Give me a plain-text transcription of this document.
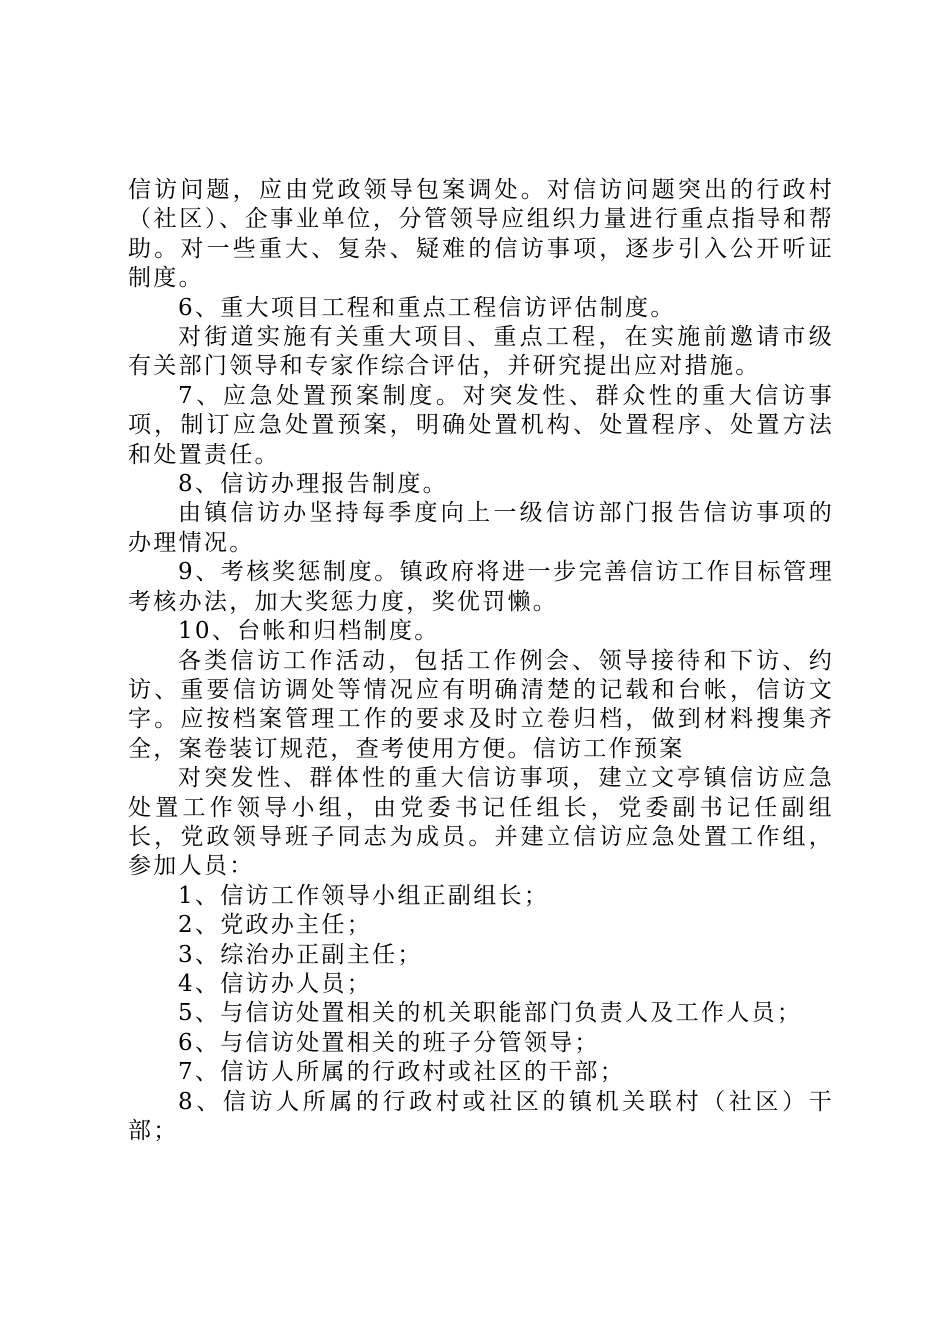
信访问题，应由党政领导包案调处。对信访问题突出的行政村（社区）、企事业单位，分管领导应组织力量进行重点指导和帮助。对一些重大、复杂、疑难的信访事项，逐步引入公开听证制度。

6、重大项目工程和重点工程信访评估制度。

对街道实施有关重大项目、重点工程，在实施前邀请市级有关部门领导和专家作综合评估，并研究提出应对措施。

7、应急处置预案制度。对突发性、群众性的重大信访事项，制订应急处置预案，明确处置机构、处置程序、处置方法和处置责任。

8、信访办理报告制度。

由镇信访办坚持每季度向上一级信访部门报告信访事项的办理情况。

9、考核奖惩制度。镇政府将进一步完善信访工作目标管理考核办法，加大奖惩力度，奖优罚懒。

10、台帐和归档制度。

各类信访工作活动，包括工作例会、领导接待和下访、约访、重要信访调处等情况应有明确清楚的记载和台帐，信访文字。应按档案管理工作的要求及时立卷归档，做到材料搜集齐全，案卷装订规范，查考使用方便。信访工作预案

对突发性、群体性的重大信访事项，建立文亭镇信访应急处置工作领导小组，由党委书记任组长，党委副书记任副组长，党政领导班子同志为成员。并建立信访应急处置工作组，参加人员：

1、信访工作领导小组正副组长；

2、党政办主任；

3、综治办正副主任；

4、信访办人员；

5、与信访处置相关的机关职能部门负责人及工作人员；

6、与信访处置相关的班子分管领导；

7、信访人所属的行政村或社区的干部；

8、信访人所属的行政村或社区的镇机关联村（社区）干部；
